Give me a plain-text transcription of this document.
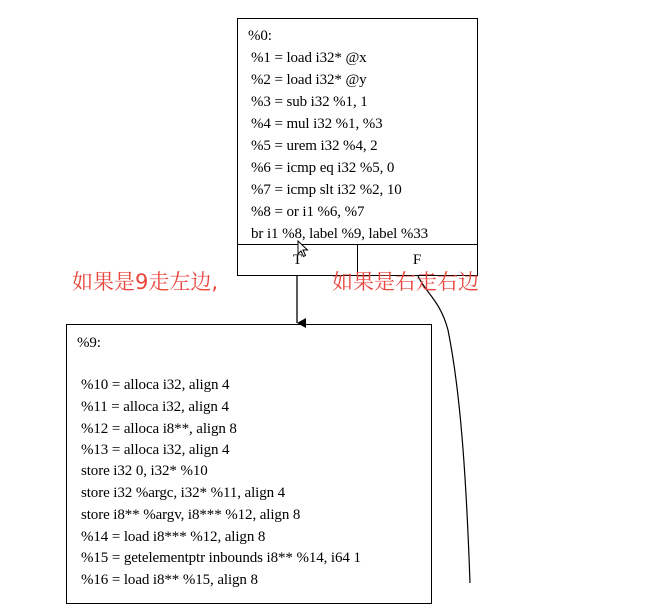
%0:
%1 = load i32* @x
%2 = load i32* @y
%3 = sub i32 %1, 1
%4 = mul i32 %1, %3
%5 = urem i32 %4, 2
%6 = icmp eq i32 %5, 0
%7 = icmp slt i32 %2, 10
%8 = or i1 %6, %7
br i1 %8, label %9, label %33
T	F
%9:
%10 = alloca i32, align 4
%11 = alloca i32, align 4
%12 = alloca i8**, align 8
%13 = alloca i32, align 4
store i32 0, i32* %10
store i32 %argc, i32* %11, align 4
store i8** %argv, i8*** %12, align 8
%14 = load i8*** %12, align 8
%15 = getelementptr inbounds i8** %14, i64 1
%16 = load i8** %15, align 8
如果是9走左边,	如果是右走右边
